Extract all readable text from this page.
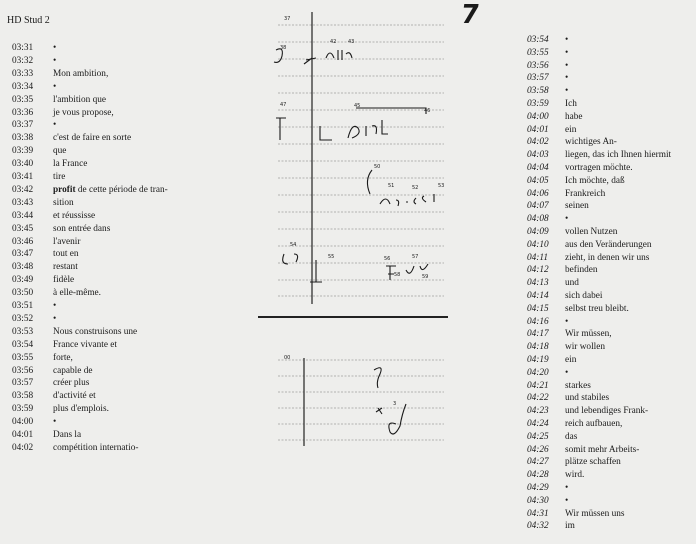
HD Stud 2	7
03:31 •
03:32 •
03:33 Mon ambition,
03:34 •
03:35 l'ambition que
03:36 je vous propose,
03:37 •
03:38 c'est de faire en sorte
03:39 que
03:40 la France
03:41 tire
03:42 profit de cette période de tran-
03:43 sition
03:44 et réussisse
03:45 son entrée dans
03:46 l'avenir
03:47 tout en
03:48 restant
03:49 fidèle
03:50 à elle-même.
03:51 •
03:52 •
03:53 Nous construisons une
03:54 France vivante et
03:55 forte,
03:56 capable de
03:57 créer plus
03:58 d'activité et
03:59 plus d'emplois.
04:00 •
04:01 Dans la
04:02 compétition internatio-
03:54 •
03:55 •
03:56 •
03:57 •
03:58 •
03:59 Ich
04:00 habe
04:01 ein
04:02 wichtiges An-
04:03 liegen, das ich Ihnen hiermit
04:04 vortragen möchte.
04:05 Ich möchte, daß
04:06 Frankreich
04:07 seinen
04:08 •
04:09 vollen Nutzen
04:10 aus den Veränderungen
04:11 zieht, in denen wir uns
04:12 befinden
04:13 und
04:14 sich dabei
04:15 selbst treu bleibt.
04:16 •
04:17 Wir müssen,
04:18 wir wollen
04:19 ein
04:20 •
04:21 starkes
04:22 und stabiles
04:23 und lebendiges Frank-
04:24 reich aufbauen,
04:25 das
04:26 somit mehr Arbeits-
04:27 plätze schaffen
04:28 wird.
04:29 •
04:30 •
04:31 Wir müssen uns
04:32 im
37
38
42 43
47	45
46
50
51	52	53
54
55	56	57
59
58
00
3
